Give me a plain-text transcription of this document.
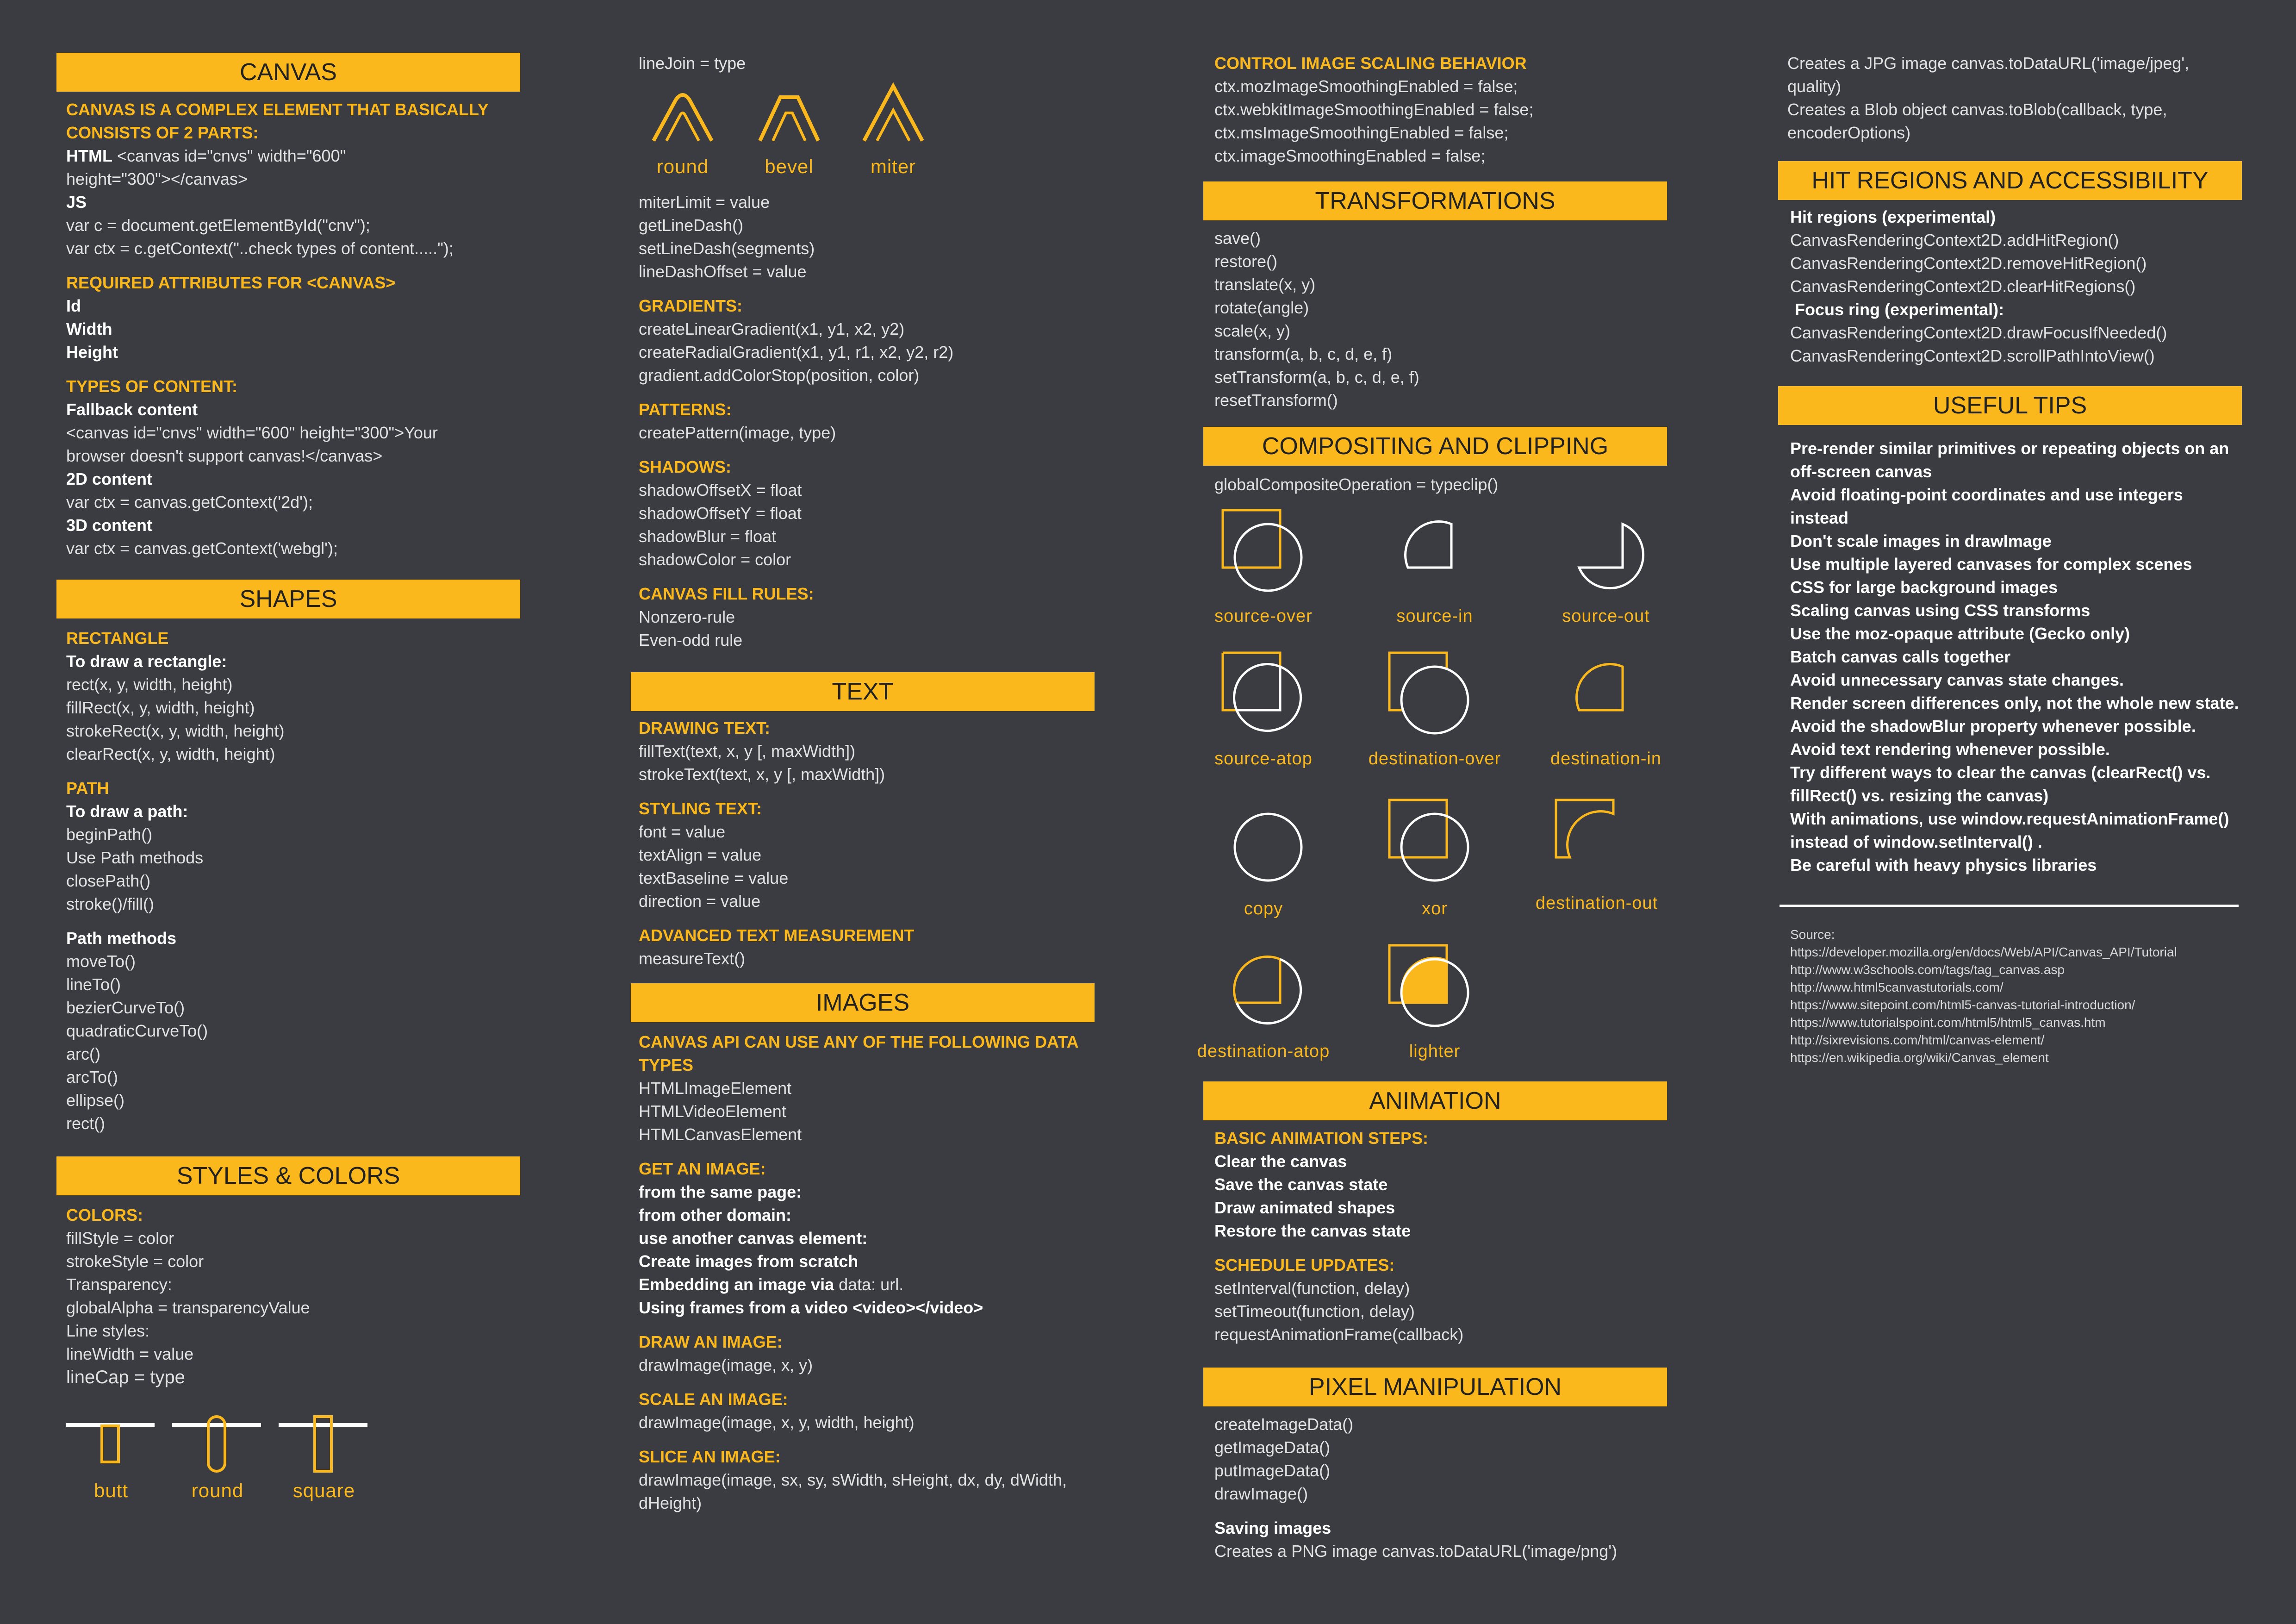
CANVAS

CANVAS IS A COMPLEX ELEMENT THAT BASICALLY CONSISTS OF 2 PARTS:

HTML <canvas id="cnvs" width="600"

height="300"></canvas>

JS

var c = document.getElementById("cnv");

var ctx = c.getContext("..check types of content.....");

REQUIRED ATTRIBUTES FOR <CANVAS>

Id

Width

Height

TYPES OF CONTENT:

Fallback content

<canvas id="cnvs" width="600" height="300">Your

browser doesn't support canvas!</canvas>

2D content

var ctx = canvas.getContext('2d');

3D content

var ctx = canvas.getContext('webgl');

SHAPES

RECTANGLE

To draw a rectangle:

rect(x, y, width, height)

fillRect(x, y, width, height)

strokeRect(x, y, width, height)

clearRect(x, y, width, height)

PATH

To draw a path:

beginPath()

Use Path methods

closePath()

stroke()/fill()

Path methods

moveTo()

lineTo()

bezierCurveTo()

quadraticCurveTo()

arc()

arcTo()

ellipse()

rect()

STYLES & COLORS

COLORS:

fillStyle = color

strokeStyle = color

Transparency:

globalAlpha = transparencyValue

Line styles:

lineWidth = value

lineCap = type

butt	round	square

lineJoin = type

round	bevel	miter

miterLimit = value

getLineDash()

setLineDash(segments)

lineDashOffset = value

GRADIENTS:

createLinearGradient(x1, y1, x2, y2)

createRadialGradient(x1, y1, r1, x2, y2, r2)

gradient.addColorStop(position, color)

PATTERNS:

createPattern(image, type)

SHADOWS:

shadowOffsetX = float

shadowOffsetY = float

shadowBlur = float

shadowColor = color

CANVAS FILL RULES:

Nonzero-rule

Even-odd rule

TEXT

DRAWING TEXT:

fillText(text, x, y [, maxWidth])

strokeText(text, x, y [, maxWidth])

STYLING TEXT:

font = value

textAlign = value

textBaseline = value

direction = value

ADVANCED TEXT MEASUREMENT

measureText()

IMAGES

CANVAS API CAN USE ANY OF THE FOLLOWING DATA TYPES

HTMLImageElement

HTMLVideoElement

HTMLCanvasElement

GET AN IMAGE:

from the same page:

from other domain:

use another canvas element:

Create images from scratch

Embedding an image via data: url.

Using frames from a video <video></video>

DRAW AN IMAGE:

drawImage(image, x, y)

SCALE AN IMAGE:

drawImage(image, x, y, width, height)

SLICE AN IMAGE:

drawImage(image, sx, sy, sWidth, sHeight, dx, dy, dWidth,

dHeight)

CONTROL IMAGE SCALING BEHAVIOR

ctx.mozImageSmoothingEnabled = false;

ctx.webkitImageSmoothingEnabled = false;

ctx.msImageSmoothingEnabled = false;

ctx.imageSmoothingEnabled = false;

TRANSFORMATIONS

save()

restore()

translate(x, y)

rotate(angle)

scale(x, y)

transform(a, b, c, d, e, f)

setTransform(a, b, c, d, e, f)

resetTransform()

COMPOSITING AND CLIPPING

globalCompositeOperation = typeclip()

source-over	source-in	source-out
source-atop	destination-over	destination-in
copy	xor	destination-out
destination-atop	lighter
ANIMATION

BASIC ANIMATION STEPS:

Clear the canvas

Save the canvas state

Draw animated shapes

Restore the canvas state

SCHEDULE UPDATES:

setInterval(function, delay)

setTimeout(function, delay)

requestAnimationFrame(callback)

PIXEL MANIPULATION

createImageData()

getImageData()

putImageData()

drawImage()

Saving images

Creates a PNG image canvas.toDataURL('image/png')

Creates a JPG image canvas.toDataURL('image/jpeg',

quality)

Creates a Blob object canvas.toBlob(callback, type,

encoderOptions)

HIT REGIONS AND ACCESSIBILITY

Hit regions (experimental)

CanvasRenderingContext2D.addHitRegion()

CanvasRenderingContext2D.removeHitRegion()

CanvasRenderingContext2D.clearHitRegions()

Focus ring (experimental):

CanvasRenderingContext2D.drawFocusIfNeeded()

CanvasRenderingContext2D.scrollPathIntoView()

USEFUL TIPS

Pre-render similar primitives or repeating objects on an

off-screen canvas

Avoid floating-point coordinates and use integers

instead

Don't scale images in drawImage

Use multiple layered canvases for complex scenes

CSS for large background images

Scaling canvas using CSS transforms

Use the moz-opaque attribute (Gecko only)

Batch canvas calls together

Avoid unnecessary canvas state changes.

Render screen differences only, not the whole new state.

Avoid the shadowBlur property whenever possible.

Avoid text rendering whenever possible.

Try different ways to clear the canvas (clearRect() vs.

fillRect() vs. resizing the canvas)

With animations, use window.requestAnimationFrame()

instead of window.setInterval() .

Be careful with heavy physics libraries

Source:

https://developer.mozilla.org/en/docs/Web/API/Canvas_API/Tutorial

http://www.w3schools.com/tags/tag_canvas.asp

http://www.html5canvastutorials.com/

https://www.sitepoint.com/html5-canvas-tutorial-introduction/

https://www.tutorialspoint.com/html5/html5_canvas.htm

http://sixrevisions.com/html/canvas-element/

https://en.wikipedia.org/wiki/Canvas_element
